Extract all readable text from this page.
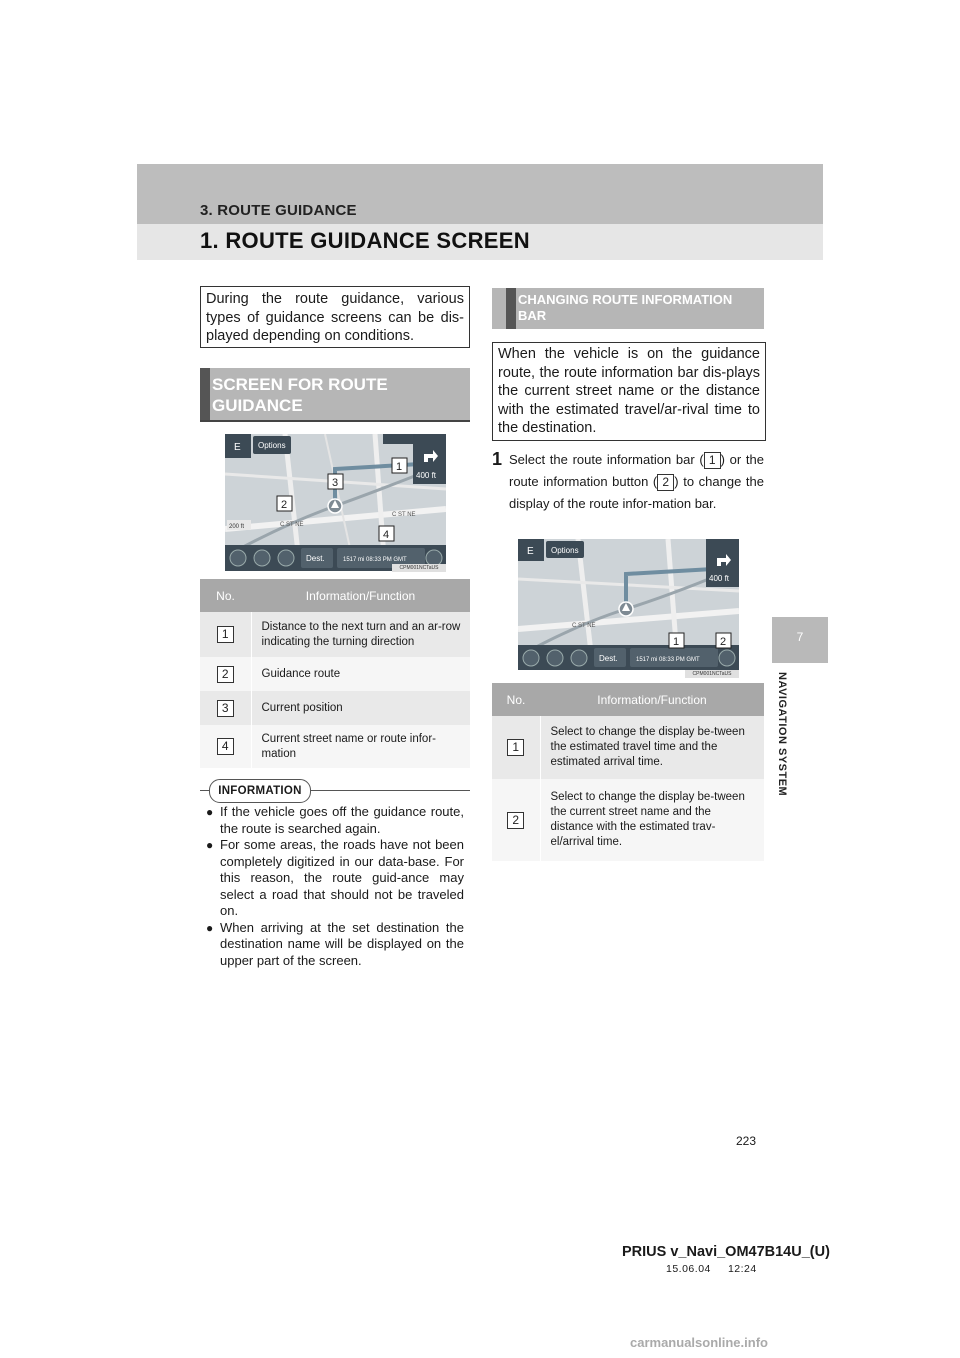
3. ROUTE GUIDANCE
1. ROUTE GUIDANCE SCREEN
7
NAVIGATION SYSTEM

During the route guidance, various types of guidance screens can be dis-played depending on conditions.

SCREEN FOR ROUTE GUIDANCE
E Options
400 ft
C ST NE
C ST NE
200 ft
Dest.	1517 mi 08:33 PM GMT
1
2
3
4
CPM001NCTaUS
No.	Information/Function
1	Distance to the next turn and an ar-row indicating the turning direction
2	Guidance route
3	Current position
4	Current street name or route infor-mation
INFORMATION
● If the vehicle goes off the guidance route, the route is searched again.
● For some areas, the roads have not been completely digitized in our data-base. For this reason, the route guid-ance may select a road that should not be traveled on.
● When arriving at the set destination the destination name will be displayed on the upper part of the screen.
CHANGING ROUTE INFORMATION BAR

When the vehicle is on the guidance route, the route information bar dis-plays the current street name or the distance with the estimated travel/ar-rival time to the destination.

1 Select the route information bar ( 1 ) or the route information button ( 2 ) to change the display of the route infor-mation bar.
E Options
400 ft
C ST NE
Dest.	1517 mi 08:33 PM GMT
1	2
CPM001NCTaUS
No.	Information/Function
1	Select to change the display be-tween the estimated travel time and the estimated arrival time.
2	Select to change the display be-tween the current street name and the distance with the estimated trav-el/arrival time.
223
PRIUS v_Navi_OM47B14U_(U)
15.06.04     12:24
carmanualsonline.info
